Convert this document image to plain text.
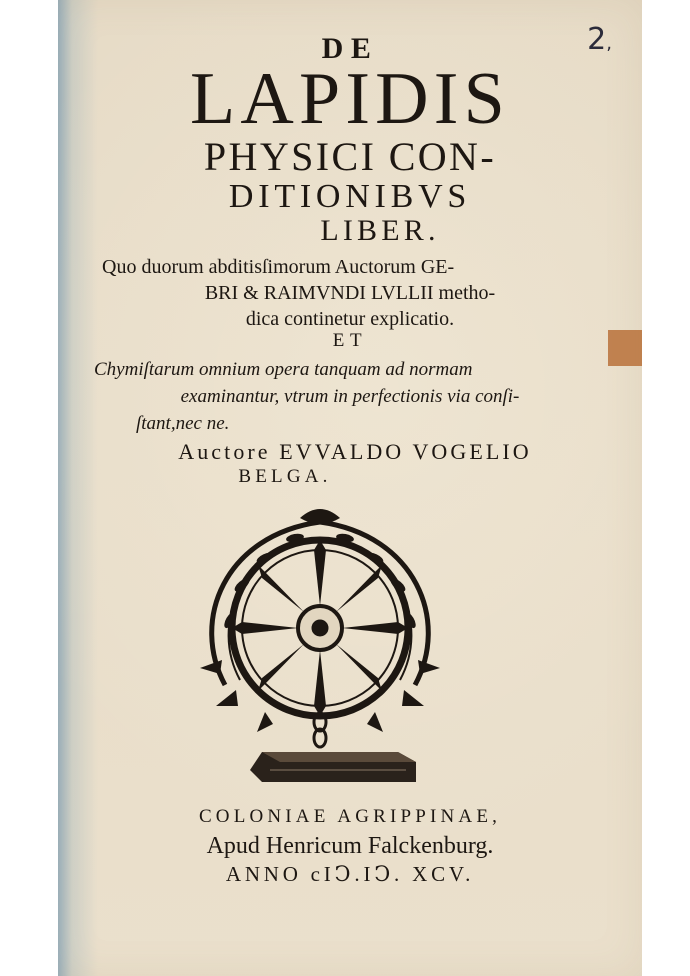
2,
DE
LAPIDIS
PHYSICI CON-
DITIONIBVS
LIBER.
Quo duorum abditisſimorum Auctorum GE-
BRI & RAIMVNDI LVLLII metho-
dica continetur explicatio.
ET
Chymiſtarum omnium opera tanquam ad normam
examinantur, vtrum in perfectionis via conſi-
ſtant,nec ne.
Auctore EVVALDO VOGELIO
BELGA.
COLONIAE AGRIPPINAE,
Apud Henricum Falckenburg.
ANNO cIↃ.IↃ. XCV.
